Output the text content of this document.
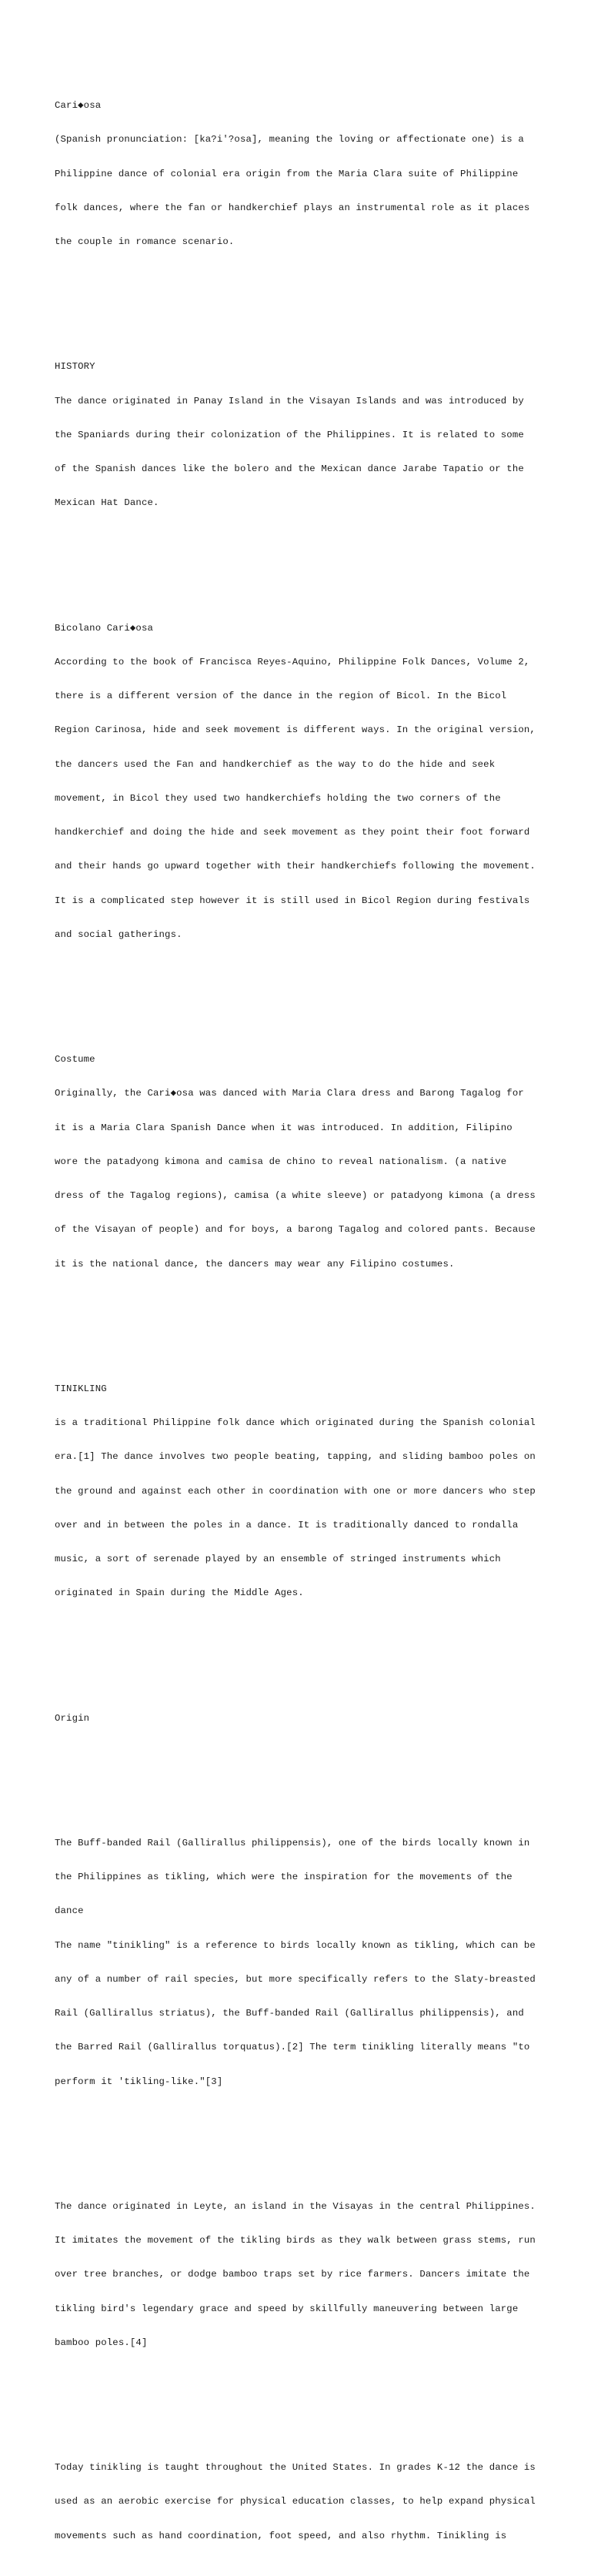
Cari◆osa

(Spanish pronunciation: [ka?i'?osa], meaning the loving or affectionate one) is a

Philippine dance of colonial era origin from the Maria Clara suite of Philippine

folk dances, where the fan or handkerchief plays an instrumental role as it places

the couple in romance scenario.

HISTORY

The dance originated in Panay Island in the Visayan Islands and was introduced by

the Spaniards during their colonization of the Philippines. It is related to some

of the Spanish dances like the bolero and the Mexican dance Jarabe Tapatio or the

Mexican Hat Dance.

Bicolano Cari◆osa

According to the book of Francisca Reyes-Aquino, Philippine Folk Dances, Volume 2,

there is a different version of the dance in the region of Bicol. In the Bicol

Region Carinosa, hide and seek movement is different ways. In the original version,

the dancers used the Fan and handkerchief as the way to do the hide and seek

movement, in Bicol they used two handkerchiefs holding the two corners of the

handkerchief and doing the hide and seek movement as they point their foot forward

and their hands go upward together with their handkerchiefs following the movement.

It is a complicated step however it is still used in Bicol Region during festivals

and social gatherings.

Costume

Originally, the Cari◆osa was danced with Maria Clara dress and Barong Tagalog for

it is a Maria Clara Spanish Dance when it was introduced. In addition, Filipino

wore the patadyong kimona and camisa de chino to reveal nationalism. (a native

dress of the Tagalog regions), camisa (a white sleeve) or patadyong kimona (a dress

of the Visayan of people) and for boys, a barong Tagalog and colored pants. Because

it is the national dance, the dancers may wear any Filipino costumes.

TINIKLING

is a traditional Philippine folk dance which originated during the Spanish colonial

era.[1] The dance involves two people beating, tapping, and sliding bamboo poles on

the ground and against each other in coordination with one or more dancers who step

over and in between the poles in a dance. It is traditionally danced to rondalla

music, a sort of serenade played by an ensemble of stringed instruments which

originated in Spain during the Middle Ages.

Origin

The Buff-banded Rail (Gallirallus philippensis), one of the birds locally known in

the Philippines as tikling, which were the inspiration for the movements of the

dance

The name "tinikling" is a reference to birds locally known as tikling, which can be

any of a number of rail species, but more specifically refers to the Slaty-breasted

Rail (Gallirallus striatus), the Buff-banded Rail (Gallirallus philippensis), and

the Barred Rail (Gallirallus torquatus).[2] The term tinikling literally means "to

perform it 'tikling-like."[3]

The dance originated in Leyte, an island in the Visayas in the central Philippines.

It imitates the movement of the tikling birds as they walk between grass stems, run

over tree branches, or dodge bamboo traps set by rice farmers. Dancers imitate the

tikling bird's legendary grace and speed by skillfully maneuvering between large

bamboo poles.[4]

Today tinikling is taught throughout the United States. In grades K-12 the dance is

used as an aerobic exercise for physical education classes, to help expand physical

movements such as hand coordination, foot speed, and also rhythm. Tinikling is
